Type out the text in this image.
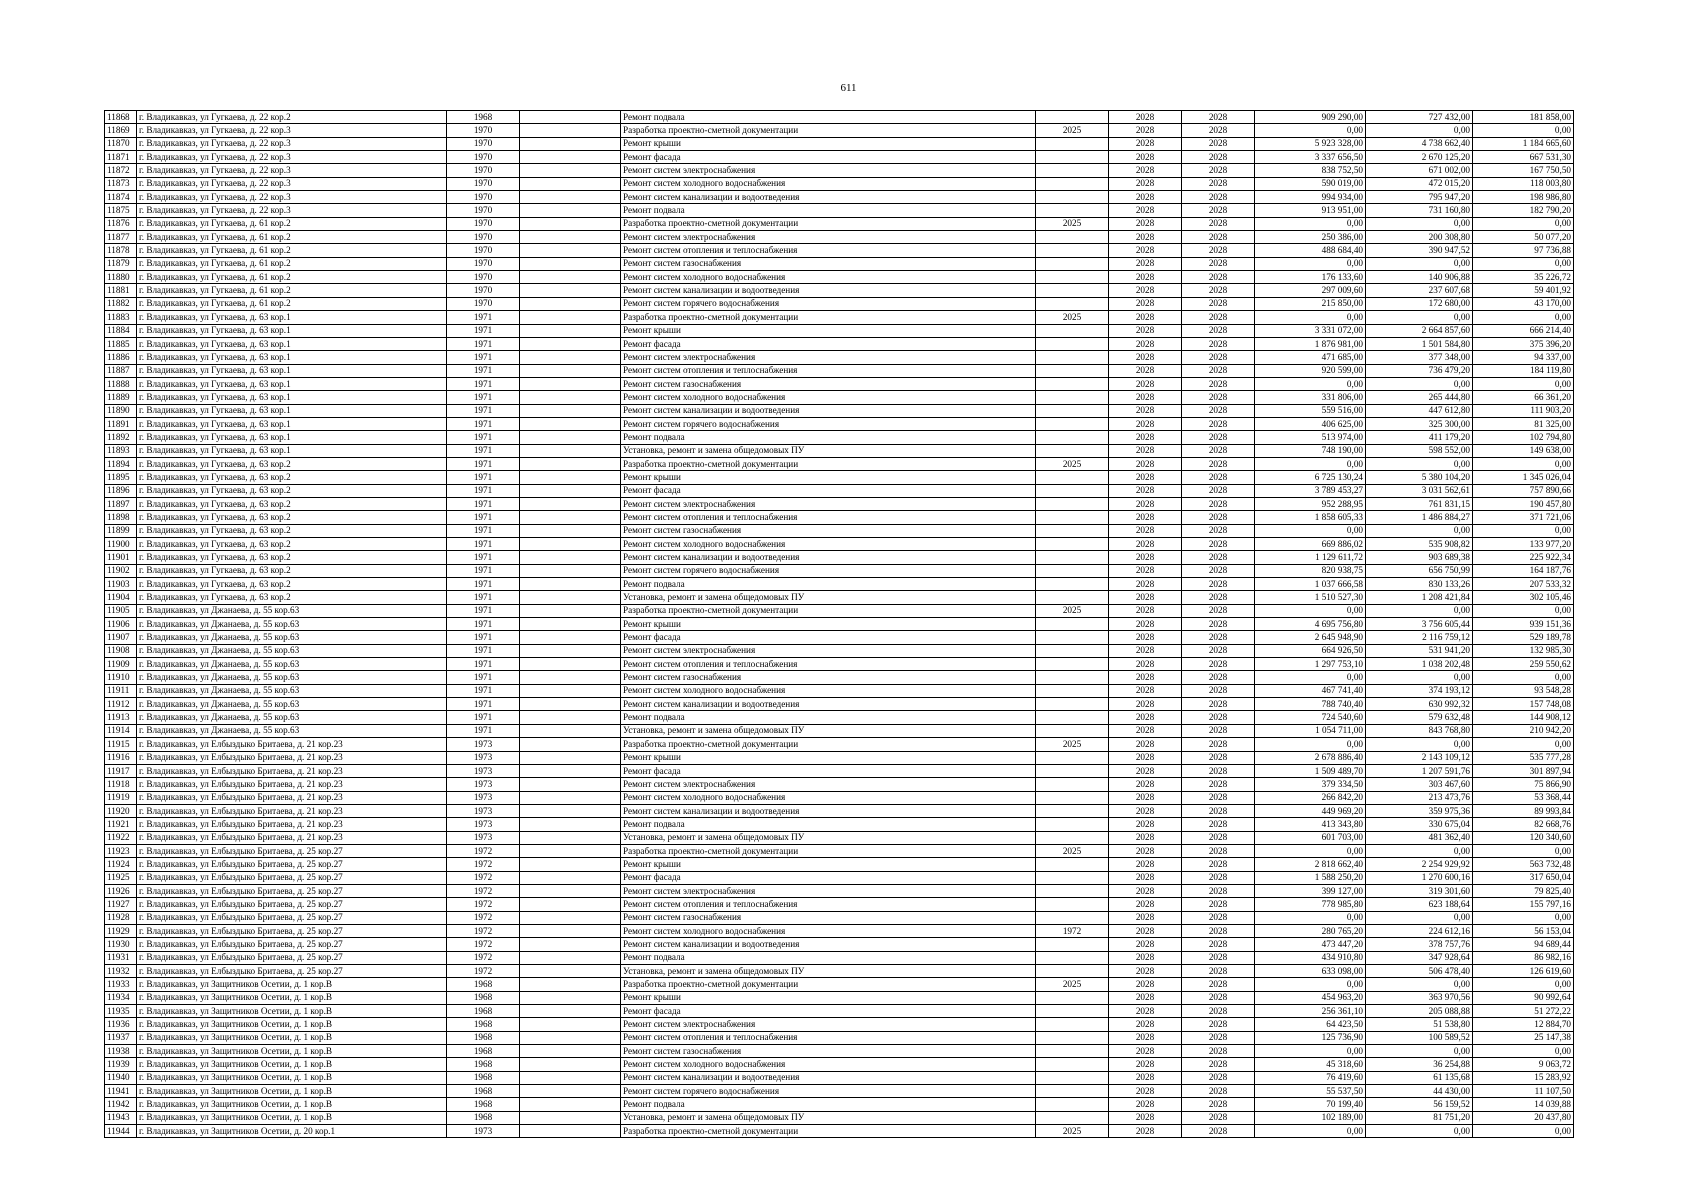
611
11868	г. Владикавказ, ул Гугкаева, д. 22 кор.2	1968		Ремонт подвала		2028	2028	909 290,00	727 432,00	181 858,00
11869	г. Владикавказ, ул Гугкаева, д. 22 кор.3	1970		Разработка проектно-сметной документации	2025	2028	2028	0,00	0,00	0,00
11870	г. Владикавказ, ул Гугкаева, д. 22 кор.3	1970		Ремонт крыши		2028	2028	5 923 328,00	4 738 662,40	1 184 665,60
11871	г. Владикавказ, ул Гугкаева, д. 22 кор.3	1970		Ремонт фасада		2028	2028	3 337 656,50	2 670 125,20	667 531,30
11872	г. Владикавказ, ул Гугкаева, д. 22 кор.3	1970		Ремонт систем электроснабжения		2028	2028	838 752,50	671 002,00	167 750,50
11873	г. Владикавказ, ул Гугкаева, д. 22 кор.3	1970		Ремонт систем холодного водоснабжения		2028	2028	590 019,00	472 015,20	118 003,80
11874	г. Владикавказ, ул Гугкаева, д. 22 кор.3	1970		Ремонт систем канализации и водоотведения		2028	2028	994 934,00	795 947,20	198 986,80
11875	г. Владикавказ, ул Гугкаева, д. 22 кор.3	1970		Ремонт подвала		2028	2028	913 951,00	731 160,80	182 790,20
11876	г. Владикавказ, ул Гугкаева, д. 61 кор.2	1970		Разработка проектно-сметной документации	2025	2028	2028	0,00	0,00	0,00
11877	г. Владикавказ, ул Гугкаева, д. 61 кор.2	1970		Ремонт систем электроснабжения		2028	2028	250 386,00	200 308,80	50 077,20
11878	г. Владикавказ, ул Гугкаева, д. 61 кор.2	1970		Ремонт систем отопления и теплоснабжения		2028	2028	488 684,40	390 947,52	97 736,88
11879	г. Владикавказ, ул Гугкаева, д. 61 кор.2	1970		Ремонт систем газоснабжения		2028	2028	0,00	0,00	0,00
11880	г. Владикавказ, ул Гугкаева, д. 61 кор.2	1970		Ремонт систем холодного водоснабжения		2028	2028	176 133,60	140 906,88	35 226,72
11881	г. Владикавказ, ул Гугкаева, д. 61 кор.2	1970		Ремонт систем канализации и водоотведения		2028	2028	297 009,60	237 607,68	59 401,92
11882	г. Владикавказ, ул Гугкаева, д. 61 кор.2	1970		Ремонт систем горячего водоснабжения		2028	2028	215 850,00	172 680,00	43 170,00
11883	г. Владикавказ, ул Гугкаева, д. 63 кор.1	1971		Разработка проектно-сметной документации	2025	2028	2028	0,00	0,00	0,00
11884	г. Владикавказ, ул Гугкаева, д. 63 кор.1	1971		Ремонт крыши		2028	2028	3 331 072,00	2 664 857,60	666 214,40
11885	г. Владикавказ, ул Гугкаева, д. 63 кор.1	1971		Ремонт фасада		2028	2028	1 876 981,00	1 501 584,80	375 396,20
11886	г. Владикавказ, ул Гугкаева, д. 63 кор.1	1971		Ремонт систем электроснабжения		2028	2028	471 685,00	377 348,00	94 337,00
11887	г. Владикавказ, ул Гугкаева, д. 63 кор.1	1971		Ремонт систем отопления и теплоснабжения		2028	2028	920 599,00	736 479,20	184 119,80
11888	г. Владикавказ, ул Гугкаева, д. 63 кор.1	1971		Ремонт систем газоснабжения		2028	2028	0,00	0,00	0,00
11889	г. Владикавказ, ул Гугкаева, д. 63 кор.1	1971		Ремонт систем холодного водоснабжения		2028	2028	331 806,00	265 444,80	66 361,20
11890	г. Владикавказ, ул Гугкаева, д. 63 кор.1	1971		Ремонт систем канализации и водоотведения		2028	2028	559 516,00	447 612,80	111 903,20
11891	г. Владикавказ, ул Гугкаева, д. 63 кор.1	1971		Ремонт систем горячего водоснабжения		2028	2028	406 625,00	325 300,00	81 325,00
11892	г. Владикавказ, ул Гугкаева, д. 63 кор.1	1971		Ремонт подвала		2028	2028	513 974,00	411 179,20	102 794,80
11893	г. Владикавказ, ул Гугкаева, д. 63 кор.1	1971		Установка, ремонт и замена общедомовых ПУ		2028	2028	748 190,00	598 552,00	149 638,00
11894	г. Владикавказ, ул Гугкаева, д. 63 кор.2	1971		Разработка проектно-сметной документации	2025	2028	2028	0,00	0,00	0,00
11895	г. Владикавказ, ул Гугкаева, д. 63 кор.2	1971		Ремонт крыши		2028	2028	6 725 130,24	5 380 104,20	1 345 026,04
11896	г. Владикавказ, ул Гугкаева, д. 63 кор.2	1971		Ремонт фасада		2028	2028	3 789 453,27	3 031 562,61	757 890,66
11897	г. Владикавказ, ул Гугкаева, д. 63 кор.2	1971		Ремонт систем электроснабжения		2028	2028	952 288,95	761 831,15	190 457,80
11898	г. Владикавказ, ул Гугкаева, д. 63 кор.2	1971		Ремонт систем отопления и теплоснабжения		2028	2028	1 858 605,33	1 486 884,27	371 721,06
11899	г. Владикавказ, ул Гугкаева, д. 63 кор.2	1971		Ремонт систем газоснабжения		2028	2028	0,00	0,00	0,00
11900	г. Владикавказ, ул Гугкаева, д. 63 кор.2	1971		Ремонт систем холодного водоснабжения		2028	2028	669 886,02	535 908,82	133 977,20
11901	г. Владикавказ, ул Гугкаева, д. 63 кор.2	1971		Ремонт систем канализации и водоотведения		2028	2028	1 129 611,72	903 689,38	225 922,34
11902	г. Владикавказ, ул Гугкаева, д. 63 кор.2	1971		Ремонт систем горячего водоснабжения		2028	2028	820 938,75	656 750,99	164 187,76
11903	г. Владикавказ, ул Гугкаева, д. 63 кор.2	1971		Ремонт подвала		2028	2028	1 037 666,58	830 133,26	207 533,32
11904	г. Владикавказ, ул Гугкаева, д. 63 кор.2	1971		Установка, ремонт и замена общедомовых ПУ		2028	2028	1 510 527,30	1 208 421,84	302 105,46
11905	г. Владикавказ, ул Джанаева, д. 55 кор.63	1971		Разработка проектно-сметной документации	2025	2028	2028	0,00	0,00	0,00
11906	г. Владикавказ, ул Джанаева, д. 55 кор.63	1971		Ремонт крыши		2028	2028	4 695 756,80	3 756 605,44	939 151,36
11907	г. Владикавказ, ул Джанаева, д. 55 кор.63	1971		Ремонт фасада		2028	2028	2 645 948,90	2 116 759,12	529 189,78
11908	г. Владикавказ, ул Джанаева, д. 55 кор.63	1971		Ремонт систем электроснабжения		2028	2028	664 926,50	531 941,20	132 985,30
11909	г. Владикавказ, ул Джанаева, д. 55 кор.63	1971		Ремонт систем отопления и теплоснабжения		2028	2028	1 297 753,10	1 038 202,48	259 550,62
11910	г. Владикавказ, ул Джанаева, д. 55 кор.63	1971		Ремонт систем газоснабжения		2028	2028	0,00	0,00	0,00
11911	г. Владикавказ, ул Джанаева, д. 55 кор.63	1971		Ремонт систем холодного водоснабжения		2028	2028	467 741,40	374 193,12	93 548,28
11912	г. Владикавказ, ул Джанаева, д. 55 кор.63	1971		Ремонт систем канализации и водоотведения		2028	2028	788 740,40	630 992,32	157 748,08
11913	г. Владикавказ, ул Джанаева, д. 55 кор.63	1971		Ремонт подвала		2028	2028	724 540,60	579 632,48	144 908,12
11914	г. Владикавказ, ул Джанаева, д. 55 кор.63	1971		Установка, ремонт и замена общедомовых ПУ		2028	2028	1 054 711,00	843 768,80	210 942,20
11915	г. Владикавказ, ул Елбыздыко Бритаева, д. 21 кор.23	1973		Разработка проектно-сметной документации	2025	2028	2028	0,00	0,00	0,00
11916	г. Владикавказ, ул Елбыздыко Бритаева, д. 21 кор.23	1973		Ремонт крыши		2028	2028	2 678 886,40	2 143 109,12	535 777,28
11917	г. Владикавказ, ул Елбыздыко Бритаева, д. 21 кор.23	1973		Ремонт фасада		2028	2028	1 509 489,70	1 207 591,76	301 897,94
11918	г. Владикавказ, ул Елбыздыко Бритаева, д. 21 кор.23	1973		Ремонт систем электроснабжения		2028	2028	379 334,50	303 467,60	75 866,90
11919	г. Владикавказ, ул Елбыздыко Бритаева, д. 21 кор.23	1973		Ремонт систем холодного водоснабжения		2028	2028	266 842,20	213 473,76	53 368,44
11920	г. Владикавказ, ул Елбыздыко Бритаева, д. 21 кор.23	1973		Ремонт систем канализации и водоотведения		2028	2028	449 969,20	359 975,36	89 993,84
11921	г. Владикавказ, ул Елбыздыко Бритаева, д. 21 кор.23	1973		Ремонт подвала		2028	2028	413 343,80	330 675,04	82 668,76
11922	г. Владикавказ, ул Елбыздыко Бритаева, д. 21 кор.23	1973		Установка, ремонт и замена общедомовых ПУ		2028	2028	601 703,00	481 362,40	120 340,60
11923	г. Владикавказ, ул Елбыздыко Бритаева, д. 25 кор.27	1972		Разработка проектно-сметной документации	2025	2028	2028	0,00	0,00	0,00
11924	г. Владикавказ, ул Елбыздыко Бритаева, д. 25 кор.27	1972		Ремонт крыши		2028	2028	2 818 662,40	2 254 929,92	563 732,48
11925	г. Владикавказ, ул Елбыздыко Бритаева, д. 25 кор.27	1972		Ремонт фасада		2028	2028	1 588 250,20	1 270 600,16	317 650,04
11926	г. Владикавказ, ул Елбыздыко Бритаева, д. 25 кор.27	1972		Ремонт систем электроснабжения		2028	2028	399 127,00	319 301,60	79 825,40
11927	г. Владикавказ, ул Елбыздыко Бритаева, д. 25 кор.27	1972		Ремонт систем отопления и теплоснабжения		2028	2028	778 985,80	623 188,64	155 797,16
11928	г. Владикавказ, ул Елбыздыко Бритаева, д. 25 кор.27	1972		Ремонт систем газоснабжения		2028	2028	0,00	0,00	0,00
11929	г. Владикавказ, ул Елбыздыко Бритаева, д. 25 кор.27	1972		Ремонт систем холодного водоснабжения	1972	2028	2028	280 765,20	224 612,16	56 153,04
11930	г. Владикавказ, ул Елбыздыко Бритаева, д. 25 кор.27	1972		Ремонт систем канализации и водоотведения		2028	2028	473 447,20	378 757,76	94 689,44
11931	г. Владикавказ, ул Елбыздыко Бритаева, д. 25 кор.27	1972		Ремонт подвала		2028	2028	434 910,80	347 928,64	86 982,16
11932	г. Владикавказ, ул Елбыздыко Бритаева, д. 25 кор.27	1972		Установка, ремонт и замена общедомовых ПУ		2028	2028	633 098,00	506 478,40	126 619,60
11933	г. Владикавказ, ул Защитников Осетии, д. 1 кор.В	1968		Разработка проектно-сметной документации	2025	2028	2028	0,00	0,00	0,00
11934	г. Владикавказ, ул Защитников Осетии, д. 1 кор.В	1968		Ремонт крыши		2028	2028	454 963,20	363 970,56	90 992,64
11935	г. Владикавказ, ул Защитников Осетии, д. 1 кор.В	1968		Ремонт фасада		2028	2028	256 361,10	205 088,88	51 272,22
11936	г. Владикавказ, ул Защитников Осетии, д. 1 кор.В	1968		Ремонт систем электроснабжения		2028	2028	64 423,50	51 538,80	12 884,70
11937	г. Владикавказ, ул Защитников Осетии, д. 1 кор.В	1968		Ремонт систем отопления и теплоснабжения		2028	2028	125 736,90	100 589,52	25 147,38
11938	г. Владикавказ, ул Защитников Осетии, д. 1 кор.В	1968		Ремонт систем газоснабжения		2028	2028	0,00	0,00	0,00
11939	г. Владикавказ, ул Защитников Осетии, д. 1 кор.В	1968		Ремонт систем холодного водоснабжения		2028	2028	45 318,60	36 254,88	9 063,72
11940	г. Владикавказ, ул Защитников Осетии, д. 1 кор.В	1968		Ремонт систем канализации и водоотведения		2028	2028	76 419,60	61 135,68	15 283,92
11941	г. Владикавказ, ул Защитников Осетии, д. 1 кор.В	1968		Ремонт систем горячего водоснабжения		2028	2028	55 537,50	44 430,00	11 107,50
11942	г. Владикавказ, ул Защитников Осетии, д. 1 кор.В	1968		Ремонт подвала		2028	2028	70 199,40	56 159,52	14 039,88
11943	г. Владикавказ, ул Защитников Осетии, д. 1 кор.В	1968		Установка, ремонт и замена общедомовых ПУ		2028	2028	102 189,00	81 751,20	20 437,80
11944	г. Владикавказ, ул Защитников Осетии, д. 20 кор.1	1973		Разработка проектно-сметной документации	2025	2028	2028	0,00	0,00	0,00
